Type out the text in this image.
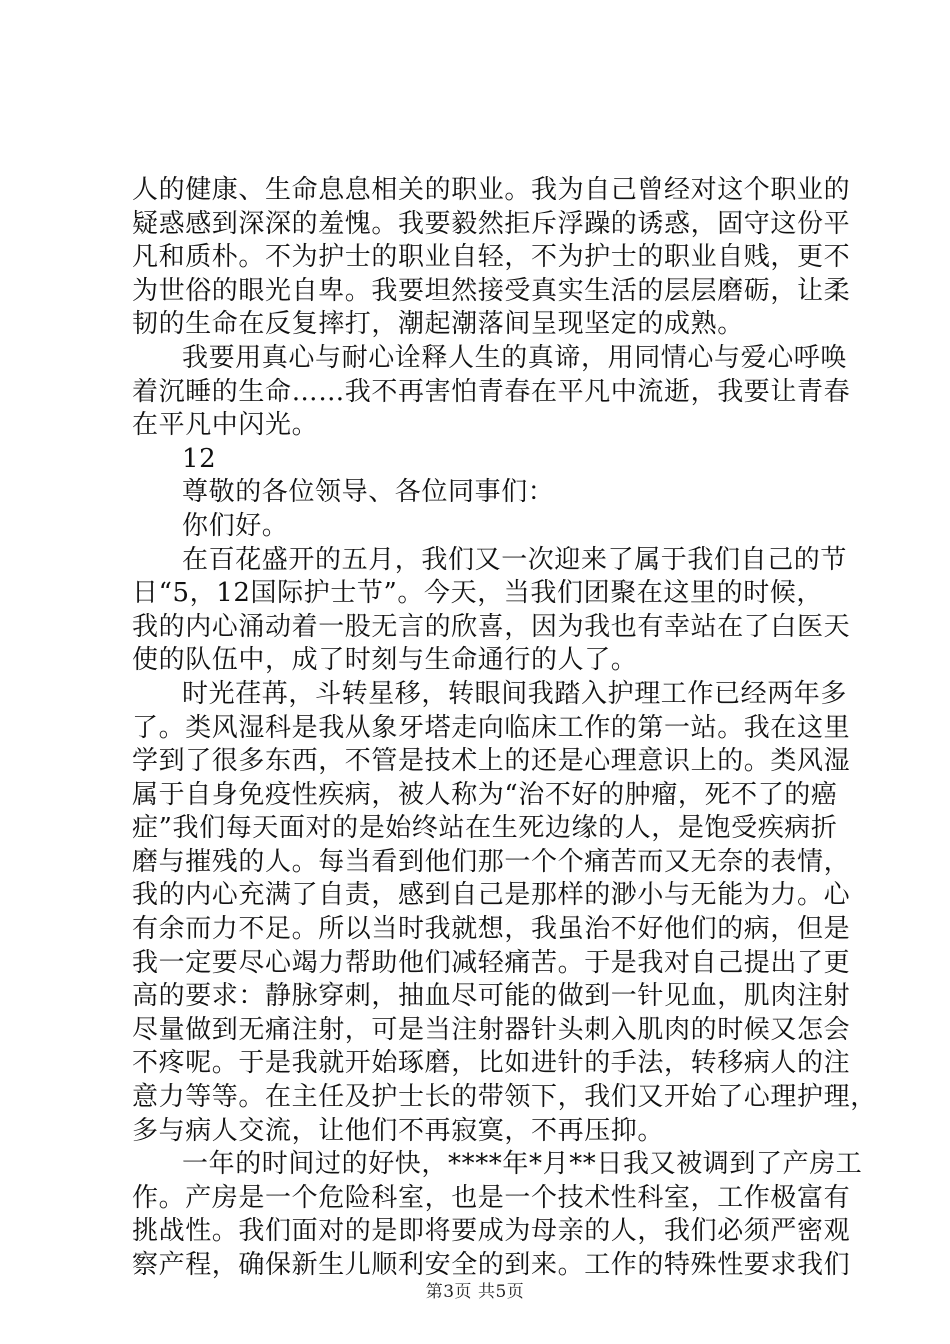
人的健康、生命息息相关的职业。我为自己曾经对这个职业的
疑惑感到深深的羞愧。我要毅然拒斥浮躁的诱惑，固守这份平
凡和质朴。不为护士的职业自轻，不为护士的职业自贱，更不
为世俗的眼光自卑。我要坦然接受真实生活的层层磨砺，让柔
韧的生命在反复摔打，潮起潮落间呈现坚定的成熟。
我要用真心与耐心诠释人生的真谛，用同情心与爱心呼唤
着沉睡的生命……我不再害怕青春在平凡中流逝，我要让青春
在平凡中闪光。
12
尊敬的各位领导、各位同事们：
你们好。
在百花盛开的五月，我们又一次迎来了属于我们自己的节
日“5，12国际护士节”。今天，当我们团聚在这里的时候，
我的内心涌动着一股无言的欣喜，因为我也有幸站在了白医天
使的队伍中，成了时刻与生命通行的人了。
时光荏苒，斗转星移，转眼间我踏入护理工作已经两年多
了。类风湿科是我从象牙塔走向临床工作的第一站。我在这里
学到了很多东西，不管是技术上的还是心理意识上的。类风湿
属于自身免疫性疾病，被人称为“治不好的肿瘤，死不了的癌
症”我们每天面对的是始终站在生死边缘的人，是饱受疾病折
磨与摧残的人。每当看到他们那一个个痛苦而又无奈的表情，
我的内心充满了自责，感到自己是那样的渺小与无能为力。心
有余而力不足。所以当时我就想，我虽治不好他们的病，但是
我一定要尽心竭力帮助他们减轻痛苦。于是我对自己提出了更
高的要求：静脉穿刺，抽血尽可能的做到一针见血，肌肉注射
尽量做到无痛注射，可是当注射器针头刺入肌肉的时候又怎会
不疼呢。于是我就开始琢磨，比如进针的手法，转移病人的注
意力等等。在主任及护士长的带领下，我们又开始了心理护理，
多与病人交流，让他们不再寂寞，不再压抑。
一年的时间过的好快，****年*月**日我又被调到了产房工
作。产房是一个危险科室，也是一个技术性科室，工作极富有
挑战性。我们面对的是即将要成为母亲的人，我们必须严密观
察产程，确保新生儿顺利安全的到来。工作的特殊性要求我们
第3页 共5页
